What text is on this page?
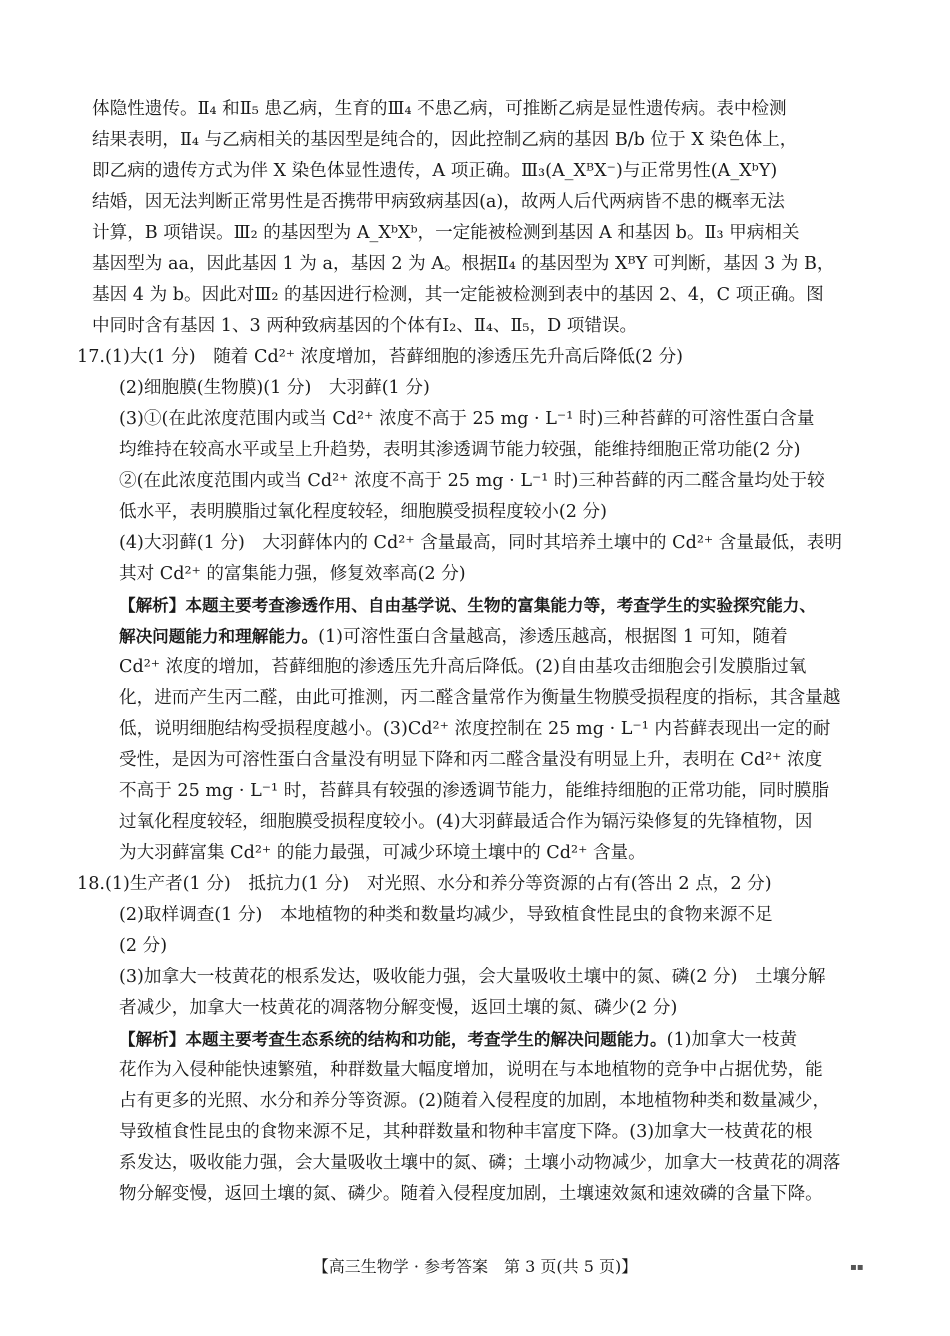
体隐性遗传。Ⅱ₄ 和Ⅱ₅ 患乙病，生育的Ⅲ₄ 不患乙病，可推断乙病是显性遗传病。表中检测
结果表明，Ⅱ₄ 与乙病相关的基因型是纯合的，因此控制乙病的基因 B/b 位于 X 染色体上，
即乙病的遗传方式为伴 X 染色体显性遗传，A 项正确。Ⅲ₃(A_XᴮX⁻)与正常男性(A_XᵇY)
结婚，因无法判断正常男性是否携带甲病致病基因(a)，故两人后代两病皆不患的概率无法
计算，B 项错误。Ⅲ₂ 的基因型为 A_XᵇXᵇ，一定能被检测到基因 A 和基因 b。Ⅱ₃ 甲病相关
基因型为 aa，因此基因 1 为 a，基因 2 为 A。根据Ⅱ₄ 的基因型为 XᴮY 可判断，基因 3 为 B，
基因 4 为 b。因此对Ⅲ₂ 的基因进行检测，其一定能被检测到表中的基因 2、4，C 项正确。图
中同时含有基因 1、3 两种致病基因的个体有Ⅰ₂、Ⅱ₄、Ⅱ₅，D 项错误。
17.(1)大(1 分)　随着 Cd²⁺ 浓度增加，苔藓细胞的渗透压先升高后降低(2 分)
(2)细胞膜(生物膜)(1 分)　大羽藓(1 分)
(3)①(在此浓度范围内或当 Cd²⁺ 浓度不高于 25 mg · L⁻¹ 时)三种苔藓的可溶性蛋白含量
均维持在较高水平或呈上升趋势，表明其渗透调节能力较强，能维持细胞正常功能(2 分)
②(在此浓度范围内或当 Cd²⁺ 浓度不高于 25 mg · L⁻¹ 时)三种苔藓的丙二醛含量均处于较
低水平，表明膜脂过氧化程度较轻，细胞膜受损程度较小(2 分)
(4)大羽藓(1 分)　大羽藓体内的 Cd²⁺ 含量最高，同时其培养土壤中的 Cd²⁺ 含量最低，表明
其对 Cd²⁺ 的富集能力强，修复效率高(2 分)
【解析】本题主要考查渗透作用、自由基学说、生物的富集能力等，考查学生的实验探究能力、
解决问题能力和理解能力。(1)可溶性蛋白含量越高，渗透压越高，根据图 1 可知，随着
Cd²⁺ 浓度的增加，苔藓细胞的渗透压先升高后降低。(2)自由基攻击细胞会引发膜脂过氧
化，进而产生丙二醛，由此可推测，丙二醛含量常作为衡量生物膜受损程度的指标，其含量越
低，说明细胞结构受损程度越小。(3)Cd²⁺ 浓度控制在 25 mg · L⁻¹ 内苔藓表现出一定的耐
受性，是因为可溶性蛋白含量没有明显下降和丙二醛含量没有明显上升，表明在 Cd²⁺ 浓度
不高于 25 mg · L⁻¹ 时，苔藓具有较强的渗透调节能力，能维持细胞的正常功能，同时膜脂
过氧化程度较轻，细胞膜受损程度较小。(4)大羽藓最适合作为镉污染修复的先锋植物，因
为大羽藓富集 Cd²⁺ 的能力最强，可减少环境土壤中的 Cd²⁺ 含量。
18.(1)生产者(1 分)　抵抗力(1 分)　对光照、水分和养分等资源的占有(答出 2 点，2 分)
(2)取样调查(1 分)　本地植物的种类和数量均减少，导致植食性昆虫的食物来源不足
(2 分)
(3)加拿大一枝黄花的根系发达，吸收能力强，会大量吸收土壤中的氮、磷(2 分)　土壤分解
者减少，加拿大一枝黄花的凋落物分解变慢，返回土壤的氮、磷少(2 分)
【解析】本题主要考查生态系统的结构和功能，考查学生的解决问题能力。(1)加拿大一枝黄
花作为入侵种能快速繁殖，种群数量大幅度增加，说明在与本地植物的竞争中占据优势，能
占有更多的光照、水分和养分等资源。(2)随着入侵程度的加剧，本地植物种类和数量减少，
导致植食性昆虫的食物来源不足，其种群数量和物种丰富度下降。(3)加拿大一枝黄花的根
系发达，吸收能力强，会大量吸收土壤中的氮、磷；土壤小动物减少，加拿大一枝黄花的凋落
物分解变慢，返回土壤的氮、磷少。随着入侵程度加剧，土壤速效氮和速效磷的含量下降。
【高三生物学 · 参考答案　第 3 页(共 5 页)】	▪▪
